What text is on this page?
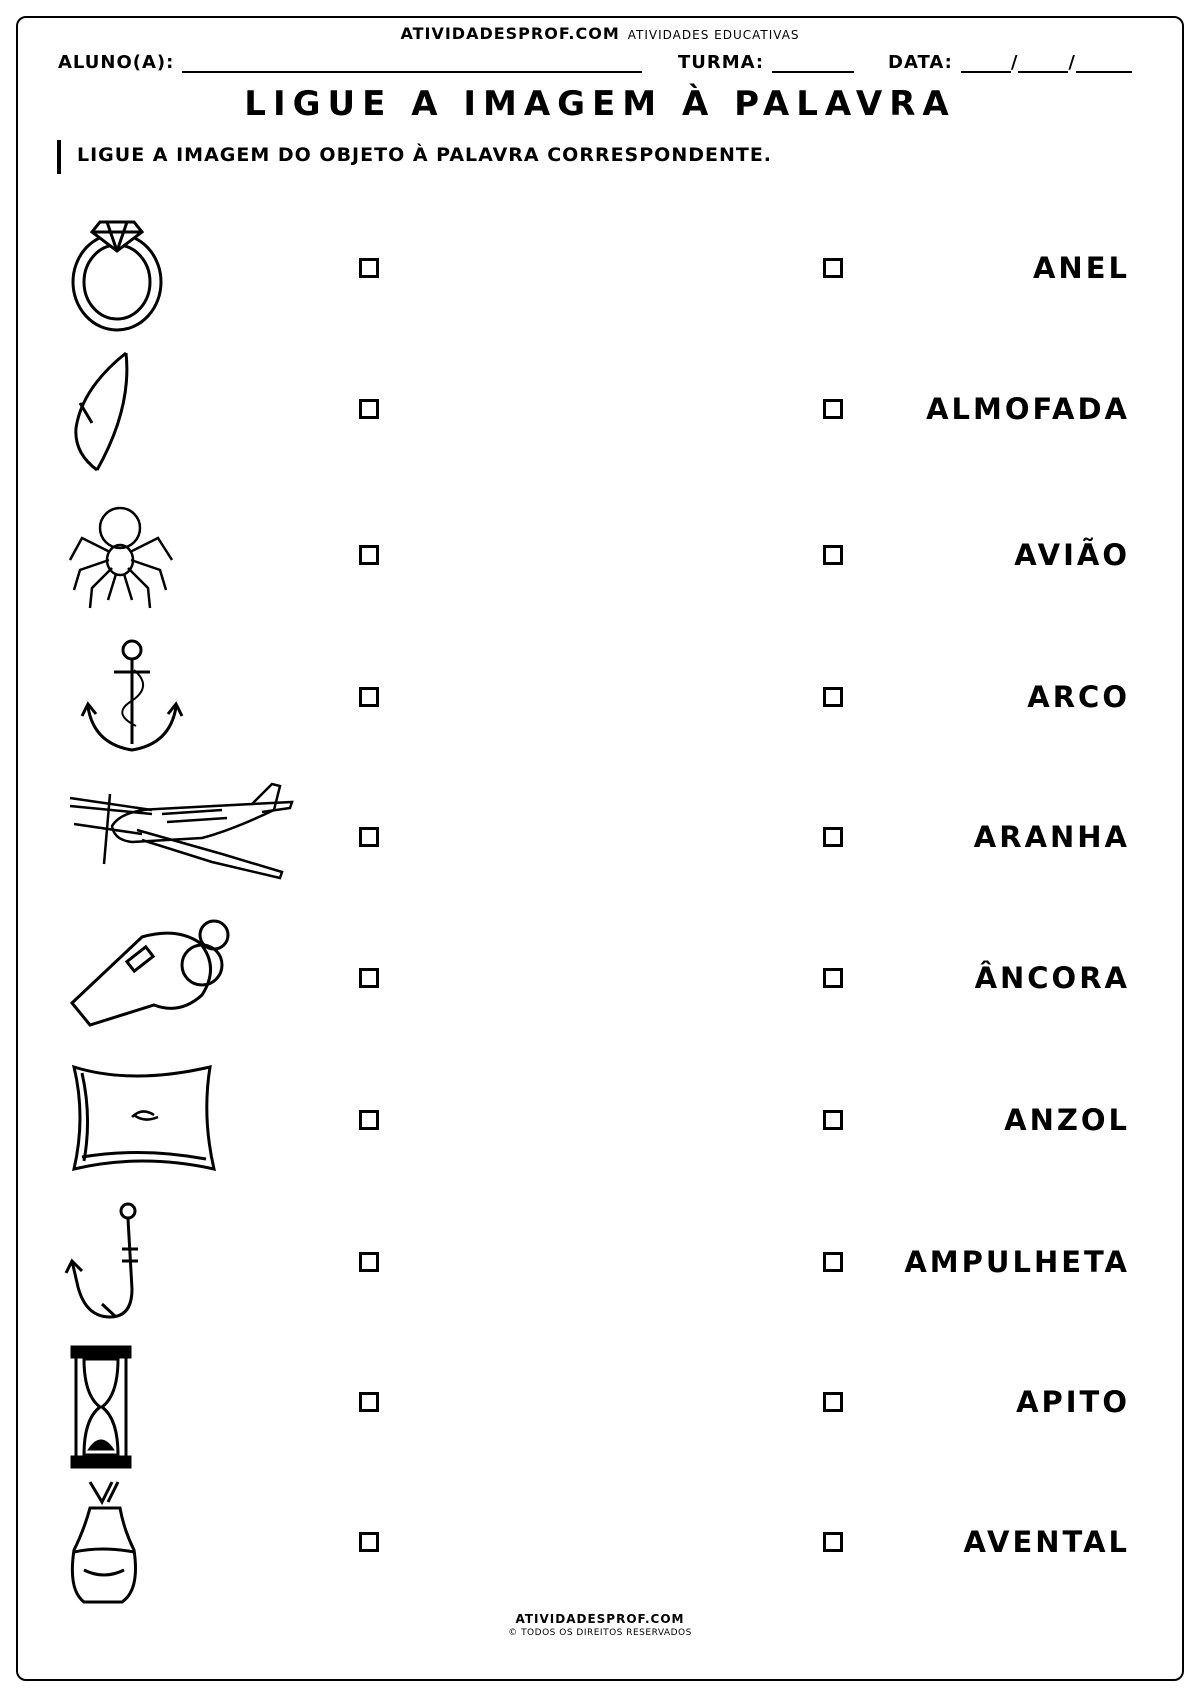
ATIVIDADESPROF.COM ATIVIDADES EDUCATIVAS
ALUNO(A):	TURMA:	DATA:	/	/
LIGUE A IMAGEM À PALAVRA
LIGUE A IMAGEM DO OBJETO À PALAVRA CORRESPONDENTE.
ANEL
ALMOFADA
AVIÃO
ARCO
ARANHA
ÂNCORA
ANZOL
AMPULHETA
APITO
AVENTAL
ATIVIDADESPROF.COM
© TODOS OS DIREITOS RESERVADOS
